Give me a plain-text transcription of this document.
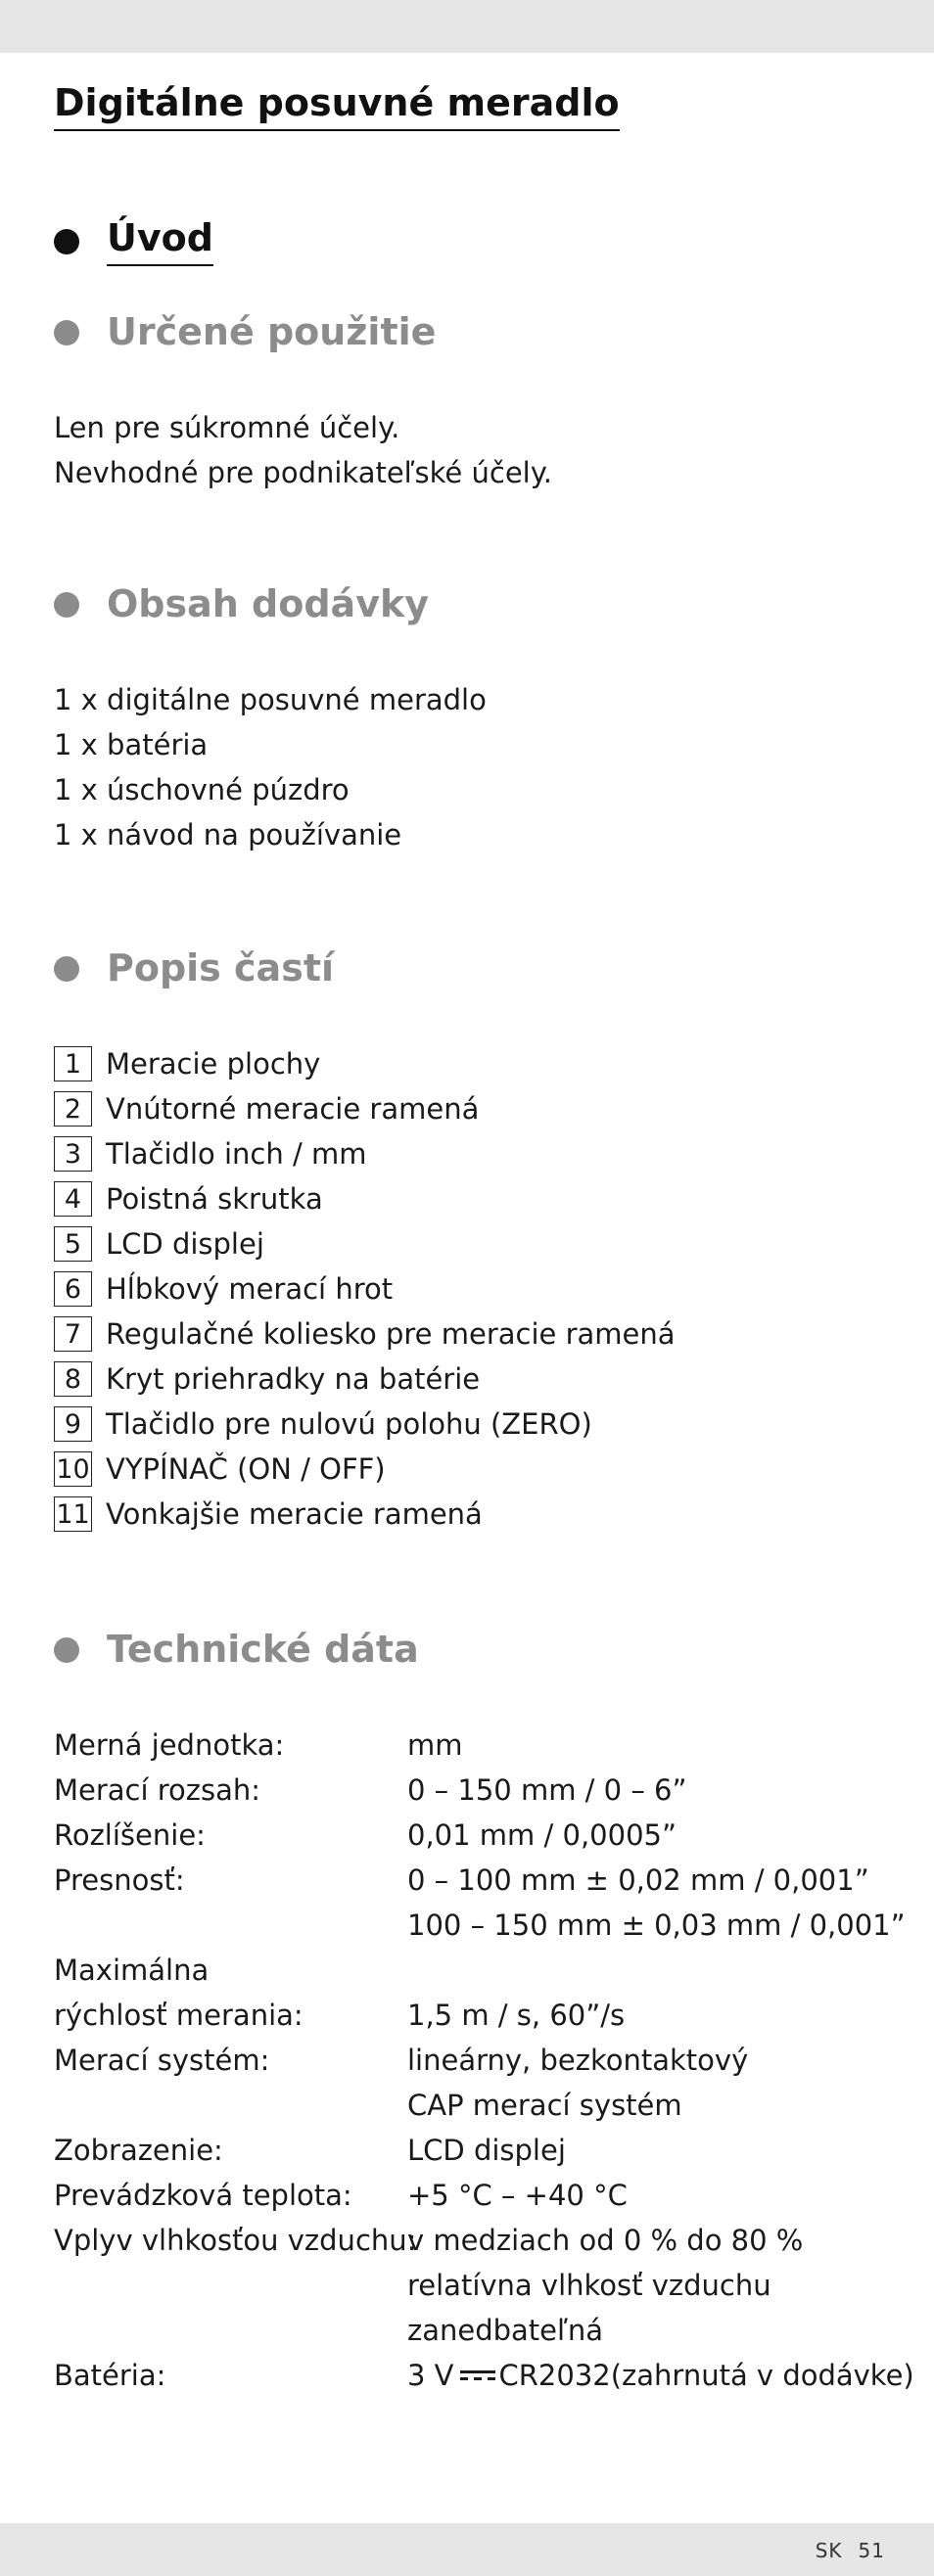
Digitálne posuvné meradlo
Úvod
Určené použitie
Len pre súkromné účely.
Nevhodné pre podnikateľské účely.
Obsah dodávky
1 x digitálne posuvné meradlo
1 x batéria
1 x úschovné púzdro
1 x návod na používanie
Popis častí
1 Meracie plochy
2 Vnútorné meracie ramená
3 Tlačidlo inch / mm
4 Poistná skrutka
5 LCD displej
6 Hĺbkový merací hrot
7 Regulačné koliesko pre meracie ramená
8 Kryt priehradky na batérie
9 Tlačidlo pre nulovú polohu (ZERO)
10 VYPÍNAČ (ON / OFF)
11 Vonkajšie meracie ramená
Technické dáta
Merná jednotka:	mm
Merací rozsah:	0 – 150 mm / 0 – 6”
Rozlíšenie:	0,01 mm / 0,0005”
Presnosť:	0 – 100 mm ± 0,02 mm / 0,001”
100 – 150 mm ± 0,03 mm / 0,001”
Maximálna
rýchlosť merania:	1,5 m / s, 60”/s
Merací systém:	lineárny, bezkontaktový
CAP merací systém
Zobrazenie:	LCD displej
Prevádzková teplota:	+5 °C – +40 °C
Vplyv vlhkosťou vzduchu:
v medziach od 0 % do 80 %
relatívna vlhkosť vzduchu
zanedbateľná
Batéria:	3 V CR2032(zahrnutá v dodávke)
SK 51
